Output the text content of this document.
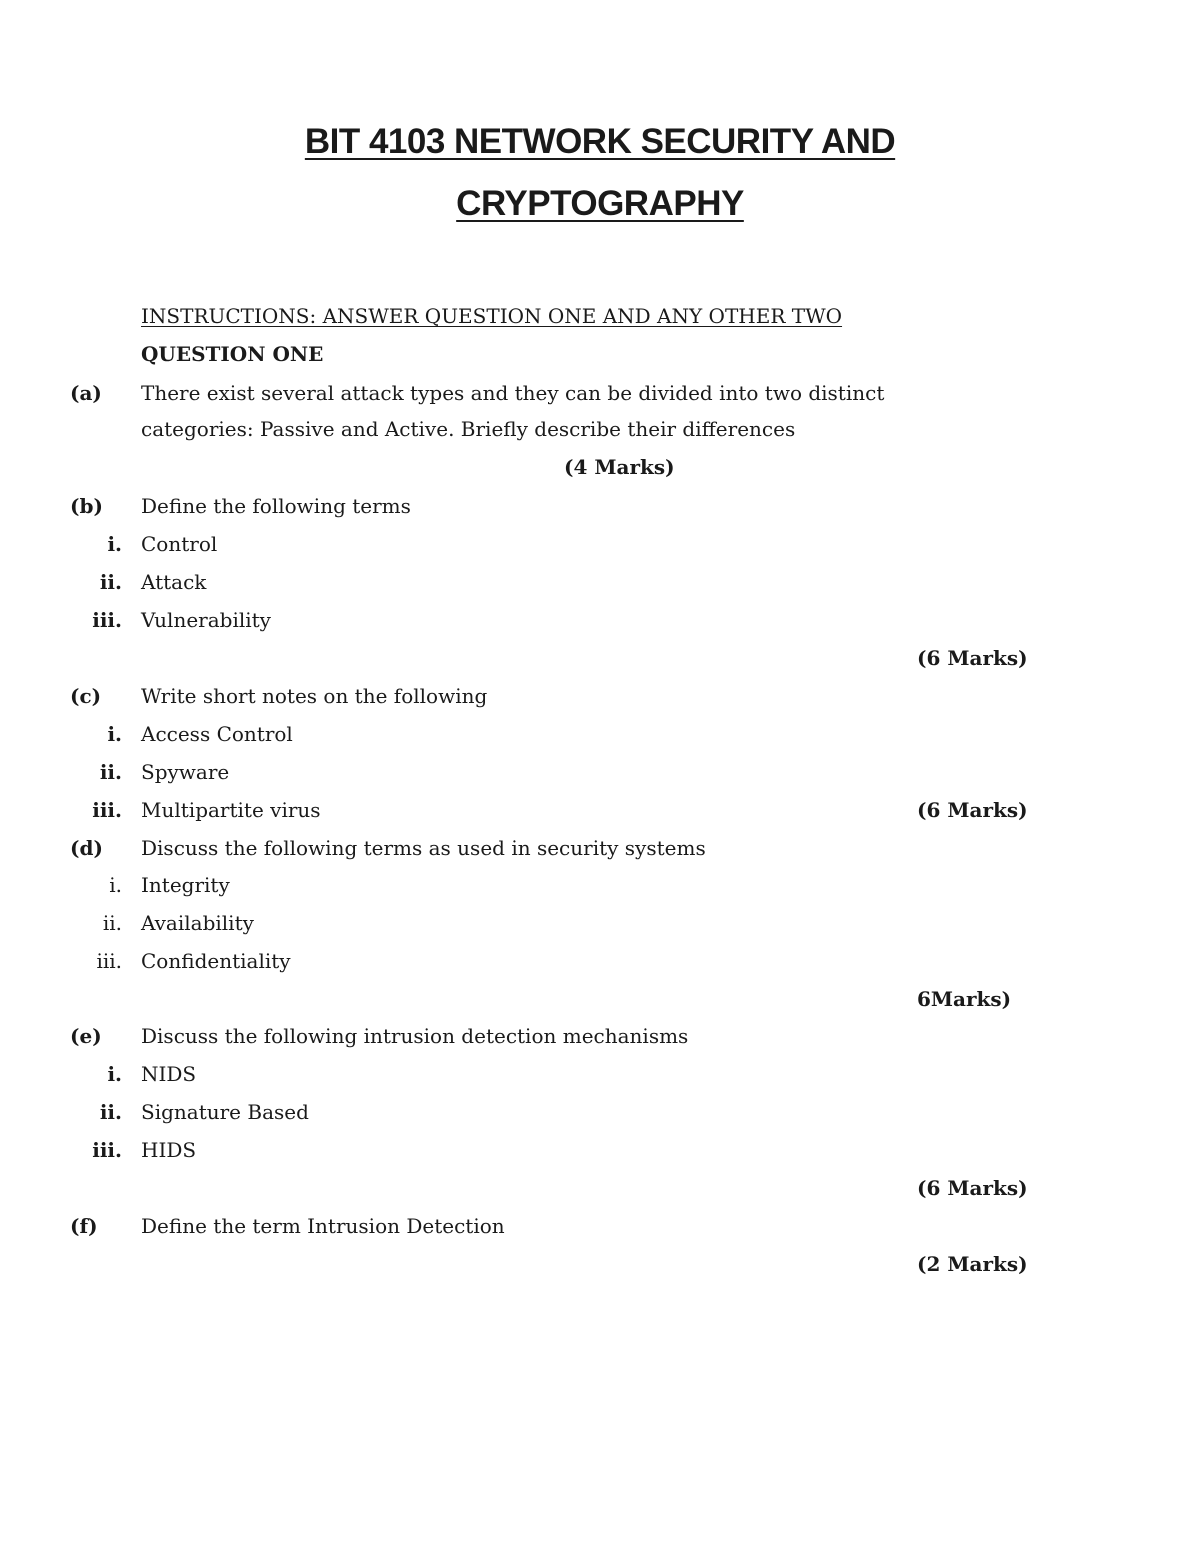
BIT 4103 NETWORK SECURITY AND
CRYPTOGRAPHY
INSTRUCTIONS: ANSWER QUESTION ONE AND ANY OTHER TWO
QUESTION ONE
(a) There exist several attack types and they can be divided into two distinct
categories: Passive and Active. Briefly describe their differences
(4 Marks)
(b) Define the following terms
i. Control
ii. Attack
iii. Vulnerability
(6 Marks)
(c) Write short notes on the following
i. Access Control
ii. Spyware
iii. Multipartite virus	(6 Marks)
(d) Discuss the following terms as used in security systems
i. Integrity
ii. Availability
iii. Confidentiality
6Marks)
(e) Discuss the following intrusion detection mechanisms
i. NIDS
ii. Signature Based
iii. HIDS
(6 Marks)
(f) Define the term Intrusion Detection
(2 Marks)
